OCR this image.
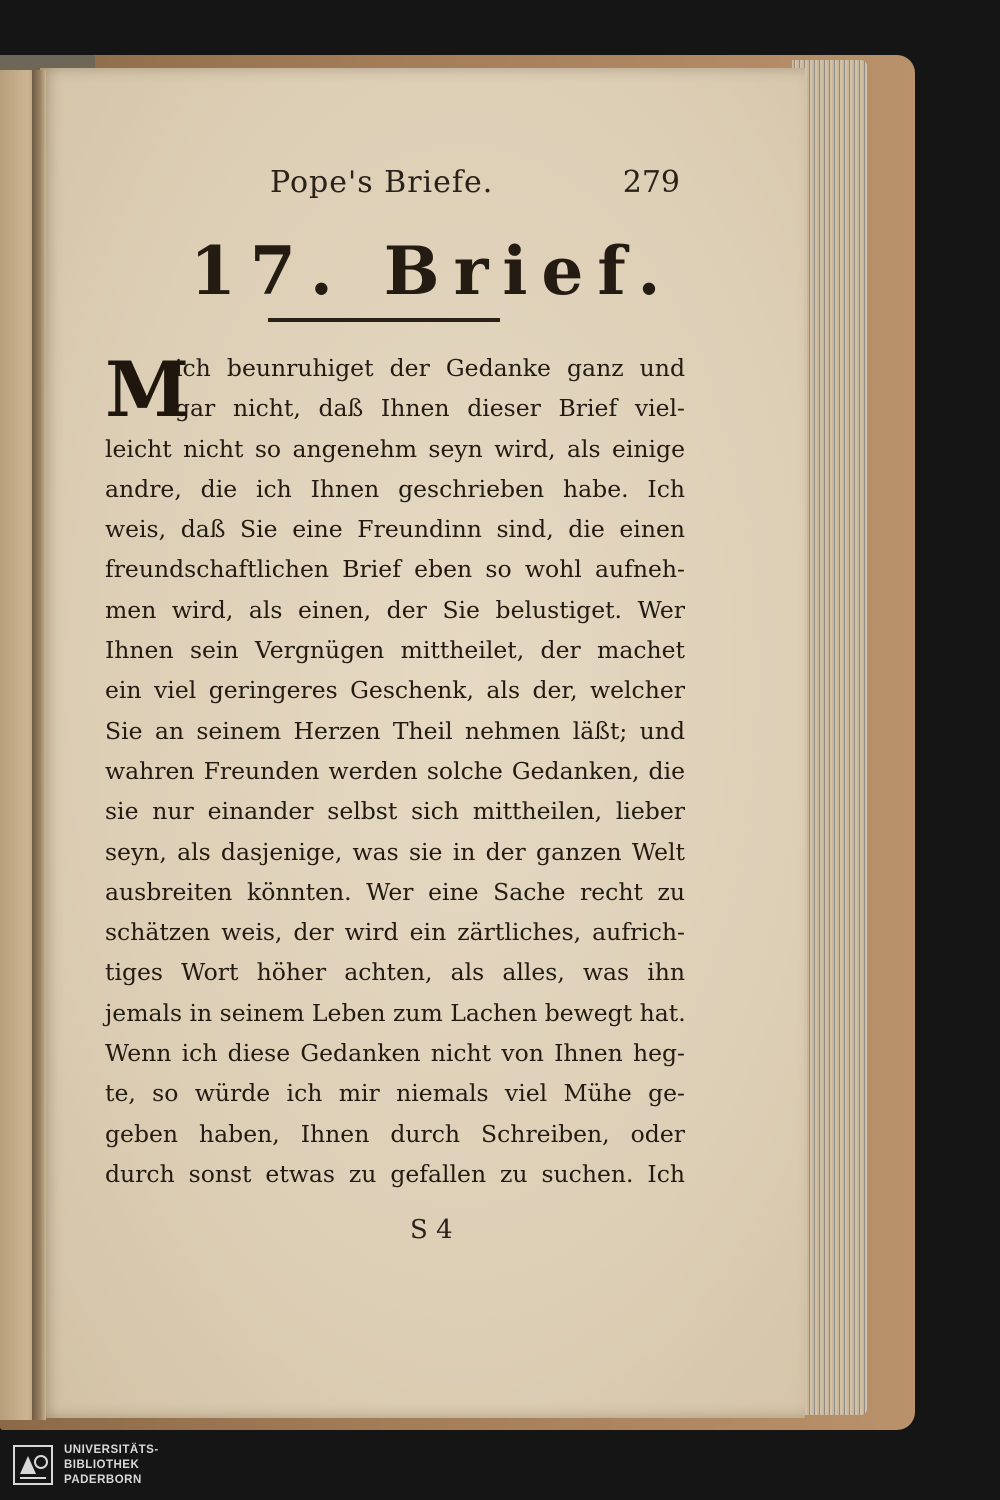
Pope's Briefe.	279
17. Brief.
M
ich beunruhiget der Gedanke ganz und
gar nicht, daß Ihnen dieser Brief viel-
leicht nicht so angenehm seyn wird, als einige
andre, die ich Ihnen geschrieben habe. Ich
weis, daß Sie eine Freundinn sind, die einen
freundschaftlichen Brief eben so wohl aufneh-
men wird, als einen, der Sie belustiget. Wer
Ihnen sein Vergnügen mittheilet, der machet
ein viel geringeres Geschenk, als der, welcher
Sie an seinem Herzen Theil nehmen läßt; und
wahren Freunden werden solche Gedanken, die
sie nur einander selbst sich mittheilen, lieber
seyn, als dasjenige, was sie in der ganzen Welt
ausbreiten könnten. Wer eine Sache recht zu
schätzen weis, der wird ein zärtliches, aufrich-
tiges Wort höher achten, als alles, was ihn
jemals in seinem Leben zum Lachen bewegt hat.
Wenn ich diese Gedanken nicht von Ihnen heg-
te, so würde ich mir niemals viel Mühe ge-
geben haben, Ihnen durch Schreiben, oder
durch sonst etwas zu gefallen zu suchen. Ich
S 4
UNIVERSITÄTS-
BIBLIOTHEK
PADERBORN
